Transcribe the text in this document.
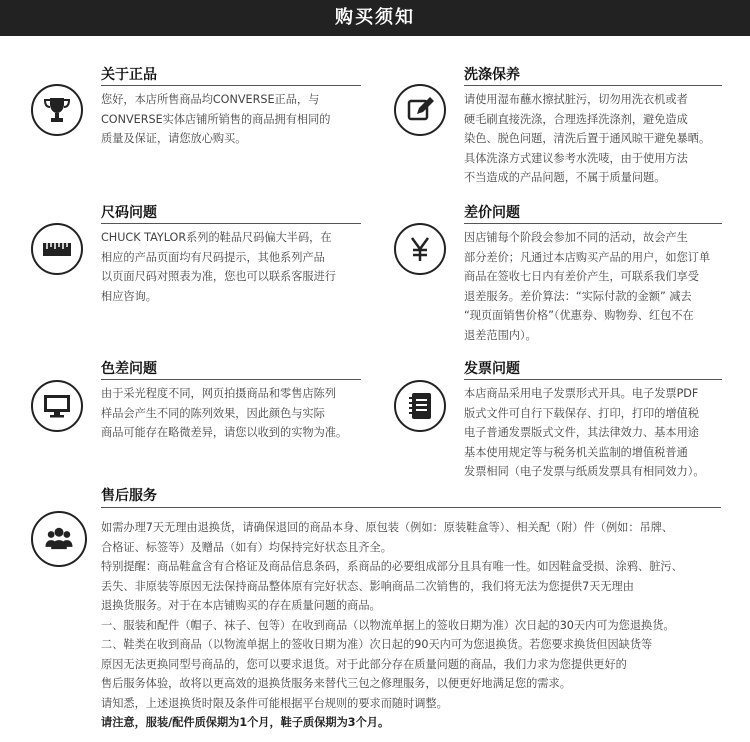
购买须知
关于正品

您好，本店所售商品均CONVERSE正品，与

CONVERSE实体店铺所销售的商品拥有相同的

质量及保证，请您放心购买。

洗涤保养

请使用湿布蘸水擦拭脏污，切勿用洗衣机或者

硬毛刷直接洗涤，合理选择洗涤剂，避免造成

染色、脱色问题，清洗后置于通风晾干避免暴晒。

具体洗涤方式建议参考水洗唛，由于使用方法

不当造成的产品问题，不属于质量问题。

尺码问题

CHUCK TAYLOR系列的鞋品尺码偏大半码，在

相应的产品页面均有尺码提示，其他系列产品

以页面尺码对照表为准，您也可以联系客服进行

相应咨询。

差价问题

因店铺每个阶段会参加不同的活动，故会产生

部分差价；凡通过本店购买产品的用户，如您订单

商品在签收七日内有差价产生，可联系我们享受

退差服务。差价算法：“实际付款的金额” 减去

“现页面销售价格”（优惠券、购物券、红包不在

退差范围内）。

色差问题

由于采光程度不同，网页拍摄商品和零售店陈列

样品会产生不同的陈列效果，因此颜色与实际

商品可能存在略微差异，请您以收到的实物为准。

发票问题

本店商品采用电子发票形式开具。电子发票PDF

版式文件可自行下载保存、打印，打印的增值税

电子普通发票版式文件，其法律效力、基本用途

基本使用规定等与税务机关监制的增值税普通

发票相同（电子发票与纸质发票具有相同效力）。

售后服务

如需办理7天无理由退换货，请确保退回的商品本身、原包装（例如：原装鞋盒等）、相关配（附）件（例如：吊牌、

合格证、标签等）及赠品（如有）均保持完好状态且齐全。

特别提醒：商品鞋盒含有合格证及商品信息条码，系商品的必要组成部分且具有唯一性。如因鞋盒受损、涂鸦、脏污、

丢失、非原装等原因无法保持商品整体原有完好状态、影响商品二次销售的，我们将无法为您提供7天无理由

退换货服务。对于在本店铺购买的存在质量问题的商品。

一、服装和配件（帽子、袜子、包等）在收到商品（以物流单据上的签收日期为准）次日起的30天内可为您退换货。

二、鞋类在收到商品（以物流单据上的签收日期为准）次日起的90天内可为您退换货。若您要求换货但因缺货等

原因无法更换同型号商品的，您可以要求退货。对于此部分存在质量问题的商品，我们力求为您提供更好的

售后服务体验，故将以更高效的退换货服务来替代三包之修理服务，以便更好地满足您的需求。

请知悉，上述退换货时限及条件可能根据平台规则的要求而随时调整。

请注意，服装/配件质保期为1个月，鞋子质保期为3个月。
